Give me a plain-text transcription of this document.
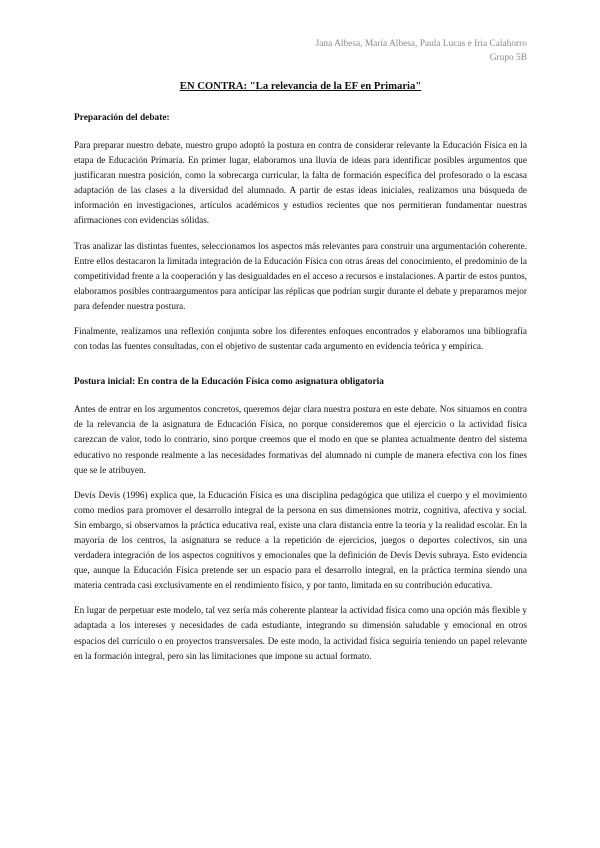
Jana Albesa, María Albesa, Paula Lucas e Iria Calahorro
Grupo 5B
EN CONTRA: "La relevancia de la EF en Primaria"
Preparación del debate:

Para preparar nuestro debate, nuestro grupo adoptó la postura en contra de considerar relevante la Educación Física en la etapa de Educación Primaria. En primer lugar, elaboramos una lluvia de ideas para identificar posibles argumentos que justificaran nuestra posición, como la sobrecarga curricular, la falta de formación específica del profesorado o la escasa adaptación de las clases a la diversidad del alumnado. A partir de estas ideas iniciales, realizamos una búsqueda de información en investigaciones, artículos académicos y estudios recientes que nos permitieran fundamentar nuestras afirmaciones con evidencias sólidas.

Tras analizar las distintas fuentes, seleccionamos los aspectos más relevantes para construir una argumentación coherente. Entre ellos destacaron la limitada integración de la Educación Física con otras áreas del conocimiento, el predominio de la competitividad frente a la cooperación y las desigualdades en el acceso a recursos e instalaciones. A partir de estos puntos, elaboramos posibles contraargumentos para anticipar las réplicas que podrían surgir durante el debate y preparamos mejor para defender nuestra postura.

Finalmente, realizamos una reflexión conjunta sobre los diferentes enfoques encontrados y elaboramos una bibliografía con todas las fuentes consultadas, con el objetivo de sustentar cada argumento en evidencia teórica y empírica.

Postura inicial: En contra de la Educación Física como asignatura obligatoria

Antes de entrar en los argumentos concretos, queremos dejar clara nuestra postura en este debate. Nos situamos en contra de la relevancia de la asignatura de Educación Física, no porque consideremos que el ejercicio o la actividad física carezcan de valor, todo lo contrario, sino porque creemos que el modo en que se plantea actualmente dentro del sistema educativo no responde realmente a las necesidades formativas del alumnado ni cumple de manera efectiva con los fines que se le atribuyen.

Devís Devís (1996) explica que, la Educación Física es una disciplina pedagógica que utiliza el cuerpo y el movimiento como medios para promover el desarrollo integral de la persona en sus dimensiones motriz, cognitiva, afectiva y social. Sin embargo, si observamos la práctica educativa real, existe una clara distancia entre la teoría y la realidad escolar. En la mayoría de los centros, la asignatura se reduce a la repetición de ejercicios, juegos o deportes colectivos, sin una verdadera integración de los aspectos cognitivos y emocionales que la definición de Devís Devís subraya. Esto evidencia que, aunque la Educación Física pretende ser un espacio para el desarrollo integral, en la práctica termina siendo una materia centrada casi exclusivamente en el rendimiento físico, y por tanto, limitada en su contribución educativa.

En lugar de perpetuar este modelo, tal vez sería más coherente plantear la actividad física como una opción más flexible y adaptada a los intereses y necesidades de cada estudiante, integrando su dimensión saludable y emocional en otros espacios del currículo o en proyectos transversales. De este modo, la actividad física seguiría teniendo un papel relevante en la formación integral, pero sin las limitaciones que impone su actual formato.
